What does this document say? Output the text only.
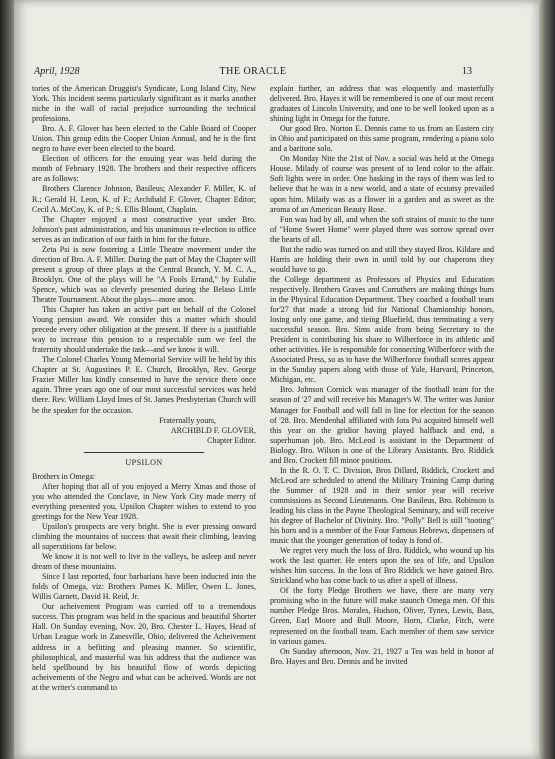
April, 1928	THE ORACLE	13

tories of the American Druggist's Syndicate, Long Island City, New York. This incident seems particularly significant as it marks another niche in the wall of racial prejudice surrounding the technical professions.

Bro. A. F. Glover has been elected to the Cable Board of Cooper Union. This group edits the Cooper Union Annual, and he is the first negro to have ever been elected to the board.

Election of officers for the ensuing year was held during the month of February 1928. The brothers and their respective officers are as follows:

Brothers Clarence Johnson, Basileus; Alexander F. Miller, K. of R.; Gerald H. Leon, K. of F.; Archibald F. Glover, Chapter Editor; Cecil A. McCoy, K. of P.; S. Ellis Blount, Chaplain.

The Chapter enjoyed a most constructive year under Bro. Johnson's past administration, and his unanimous re-election to office serves as an indication of our faith in him for the future.

Zeta Psi is now fostering a Little Theatre movement under the direction of Bro. A. F. Miller. During the part of May the Chapter will present a group of three plays at the Central Branch, Y. M. C. A., Brooklyn. One of the plays will be "A Fools Errand," by Eulalie Spence, which was so cleverly presented during the Belaso Little Theatre Tournament. About the plays—more anon.

This Chapter has taken an active part on behalf of the Colonel Young pension award. We consider this a matter which should precede every other obligation at the present. If there is a justifiable way to increase this pension to a respectable sum we feel the fraternity should undertake the task—and we know it will.

The Colonel Charles Young Memorial Service will be held by this Chapter at St. Augustines P. E. Church, Brooklyn, Rev. George Frazier Miller has kindly consented to have the service there once again. Three years ago one of our most successful services was held there. Rev. William Lloyd Imes of St. James Presbyterian Church will be the speaker for the occasion.

Fraternally yours,

ARCHIBLD F. GLOVER,

Chapter Editor.

UPSILON

Brothers in Omega:

After hoping that all of you enjoyed a Merry Xmas and those of you who attended the Conclave, in New York City made merry of everything presented you, Upsilon Chapter wishes to extend to you greetings for the New Year 1928.

Upsilon's prospects are very bright. She is ever pressing onward climbing the mountains of success that await their climbing, leaving all superstitions far below.

We know it is not well to live in the valleys, be asleep and never dream of these mountains.

Since I last reported, four barbarians have been inducted into the folds of Omega, viz: Brothers Pames K. Miller, Owen L. Jones, Willis Garnett, David H. Reid, Jr.

Our acheivement Program was carried off to a tremendous success. This program was held in the spacious and beautiful Shorter Hall. On Sunday evening, Nov. 20, Bro. Chester L. Hayes, Head of Urban League work in Zanesville, Ohio, delivered the Acheivement address in a befitting and pleasing manner. So scientific, philosophical, and masterful was his address that the audience was held spellbound by his beautiful flow of words depicting acheivements of the Negro and what can be acheived. Words are not at the writer's command to

explain further, an address that was eloquently and masterfully delivered. Bro. Hayes it will be remembered is one of our most recent graduates of Lincoln University, and one to be well looked upon as a shining light in Omega for the future.

Our good Bro. Norton E. Dennis came to us from an Eastern city in Ohio and participated on this same program, rendering a piano solo and a baritone solo.

On Monday Nite the 21st of Nov. a social was held at the Omega House. Milady of course was present of to lend color to the affair. Soft lights were in order. One basking in the rays of them was led to believe that he was in a new world, and a state of ecstatsy prevailed upon him. Milady was as a flower in a garden and as sweet as the aroma of an American Beauty Rose.

Fun was had by all, and when the soft strains of music to the tune of "Home Sweet Home" were played there was sorrow spread over the hearts of all.

But the radio was turned on and still they stayed Bros. Kildare and Harris are holding their own in until told by our chaperons they would have to go.

the College department as Professors of Physics and Education respectively. Brothers Graves and Corruthers are making things hum in the Physical Education Department. They coached a football team for'27 that made a strong bid for National Chamionship honors, losing only one game, and tieing Bluefield, thus terminating a very successful season. Bro. Sims aside from being Secretary to the President is contributing his share to Wilberforce in its athletic and other activities. He is responsible for connecting Wilberforce with the Associated Press, so as to have the Wilberforce football scores appear in the Sunday papers along with those of Yale, Harvard, Princeton, Michigan, etc.

Bro. Johnson Cornick was manager of the football team for the season of '27 and will receive his Manager's W. The writer was Junior Manager for Football and will fall in line for election for the season of '28. Bro. Mendenhal affiliated with Iota Psi acquited himself well this year on the gridior having played halfback and end, a superhuman job. Bro. McLeod is assistant in the Department of Biology. Bro. Wilson is one of the Library Assistants. Bro. Riddick and Bro. Crockett fill minor positions.

In the R. O. T. C. Division, Bros Dillard, Riddick, Crockett and McLeod are scheduled to attend the Military Training Camp during the Summer of 1928 and in their senior year will receive commissions as Second Lieutenants. One Basileus, Bro. Robinson is leading his class in the Payne Theological Seminary, and will receive his degree of Bachelor of Divinity. Bro. "Polly" Bell is still "tooting" his horn and is a member of the Four Famous Hebrews, dispensers of music that the younger generation of today is fond of.

We regret very much the loss of Bro. Riddick, who wound up his work the last quarter. He enters upon the sea of life, and Upsilon wishes him success. In the loss of Bro Riddick we have gained Bro. Strickland who has come back to us after a spell of illness.

Of the forty Pledge Brothers we have, there are many very promising who in the future will make staunch Omega men. Of this number Pledge Bros. Morales, Hudson, Oliver, Tynes, Lewis, Bass, Green, Earl Moore and Bull Moore, Horn, Clarke, Fitch, were represented on the football team. Each member of them saw service in various games.

On Sunday afternoon, Nov. 21, 1927 a Tea was held in honor af Bro. Hayes and Bro. Dennis and he invited
